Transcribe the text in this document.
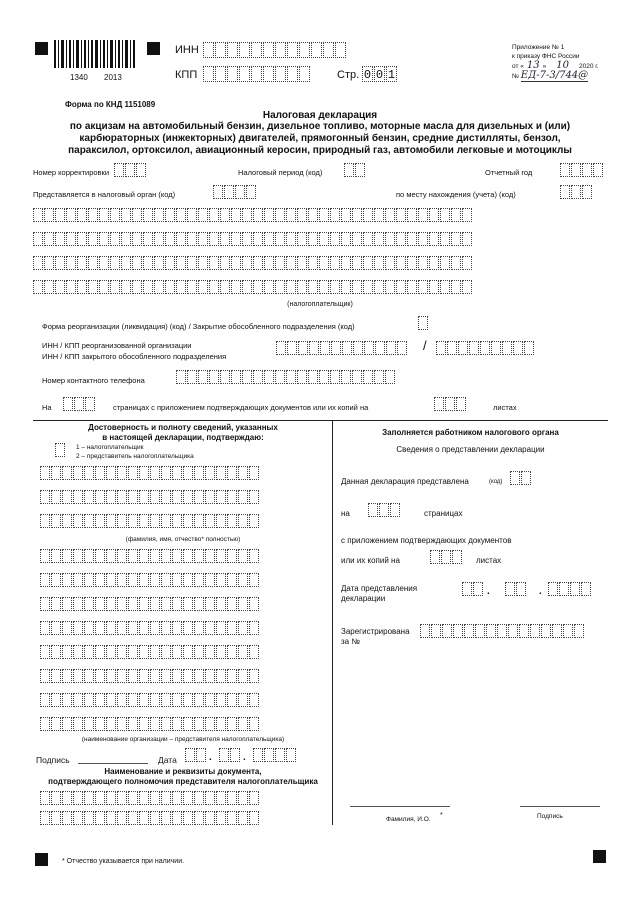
1340 2013
ИНН
КПП	Стр. 0 0 1
Приложение № 1
к приказу ФНС России
от « 13 » 10 2020 г.
№ ЕД-7-3/744@
Форма по КНД 1151089
Налоговая декларация
по акцизам на автомобильный бензин, дизельное топливо, моторные масла для дизельных и (или)
карбюраторных (инжекторных) двигателей, прямогонный бензин, средние дистилляты, бензол,
параксилол, ортоксилол, авиационный керосин, природный газ, автомобили легковые и мотоциклы
Номер корректировки	Налоговый период (код)	Отчетный год
Представляется в налоговый орган (код)	по месту нахождения (учета) (код)
(налогоплательщик)
Форма реорганизации (ликвидация) (код) / Закрытие обособленного подразделения (код)
ИНН / КПП реорганизованной организации
ИНН / КПП закрытого обособленного подразделения
/
Номер контактного телефона
На	страницах с приложением подтверждающих документов или их копий на	листах
Достоверность и полноту сведений, указанных
в настоящей декларации, подтверждаю:
1 – налогоплательщик
2 – представитель налогоплательщика
(фамилия, имя, отчество* полностью)
(наименование организации – представителя налогоплательщика)
Подпись	Дата	.	.
Наименование и реквизиты документа,
подтверждающего полномочия представителя налогоплательщика
Заполняется работником налогового органа
Сведения о представлении декларации
Данная декларация представлена	(код)
на	страницах
с приложением подтверждающих документов
или их копий на	листах
Дата представления
декларации
.	.
Зарегистрирована
за №
Фамилия, И.О.
*	Подпись
* Отчество указывается при наличии.
